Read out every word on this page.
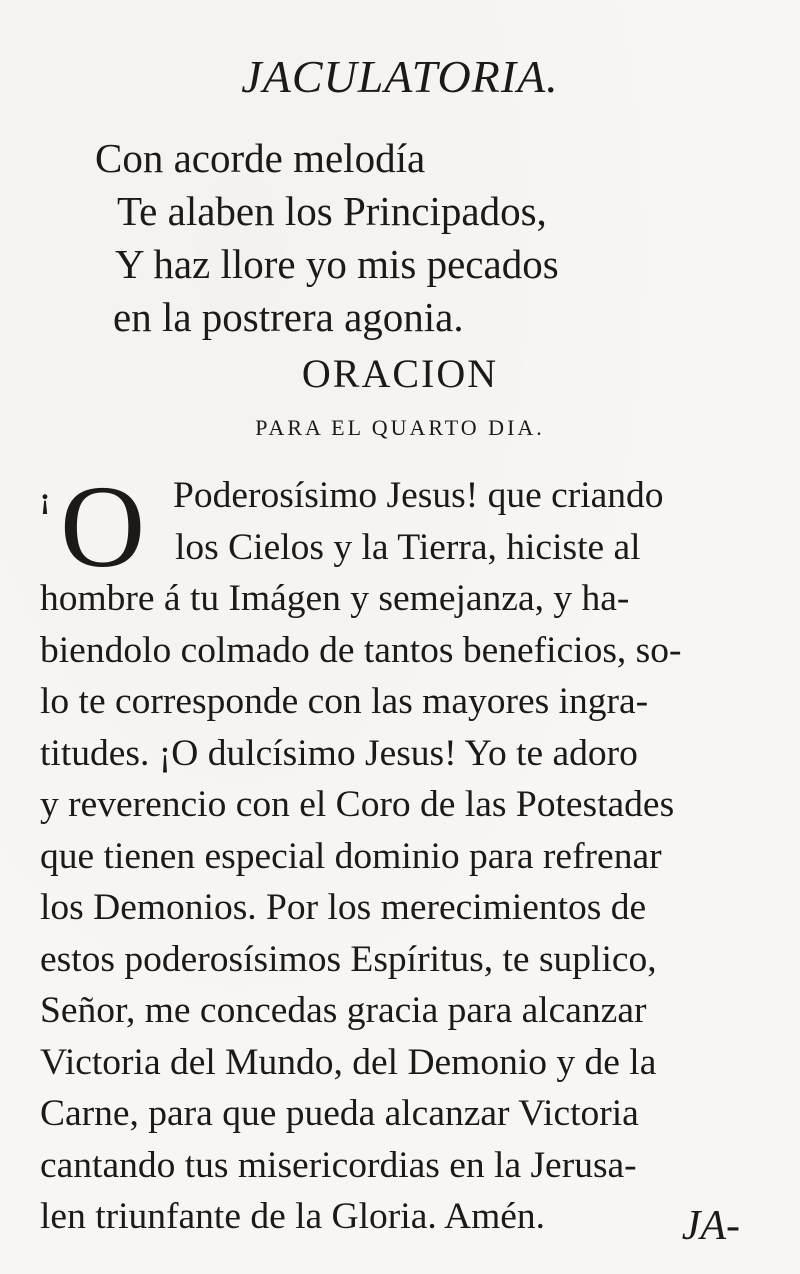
JACULATORIA.
Con acorde melodía
Te alaben los Principados,
Y haz llore yo mis pecados
en la postrera agonia.
ORACION
PARA EL QUARTO DIA.
¡ O Poderosísimo Jesus! que criando
los Cielos y la Tierra, hiciste al
hombre á tu Imágen y semejanza, y ha-
biendolo colmado de tantos beneficios, so-
lo te corresponde con las mayores ingra-
titudes. ¡O dulcísimo Jesus! Yo te adoro
y reverencio con el Coro de las Potestades
que tienen especial dominio para refrenar
los Demonios. Por los merecimientos de
estos poderosísimos Espíritus, te suplico,
Señor, me concedas gracia para alcanzar
Victoria del Mundo, del Demonio y de la
Carne, para que pueda alcanzar Victoria
cantando tus misericordias en la Jerusa-
len triunfante de la Gloria. Amén.	JA-
